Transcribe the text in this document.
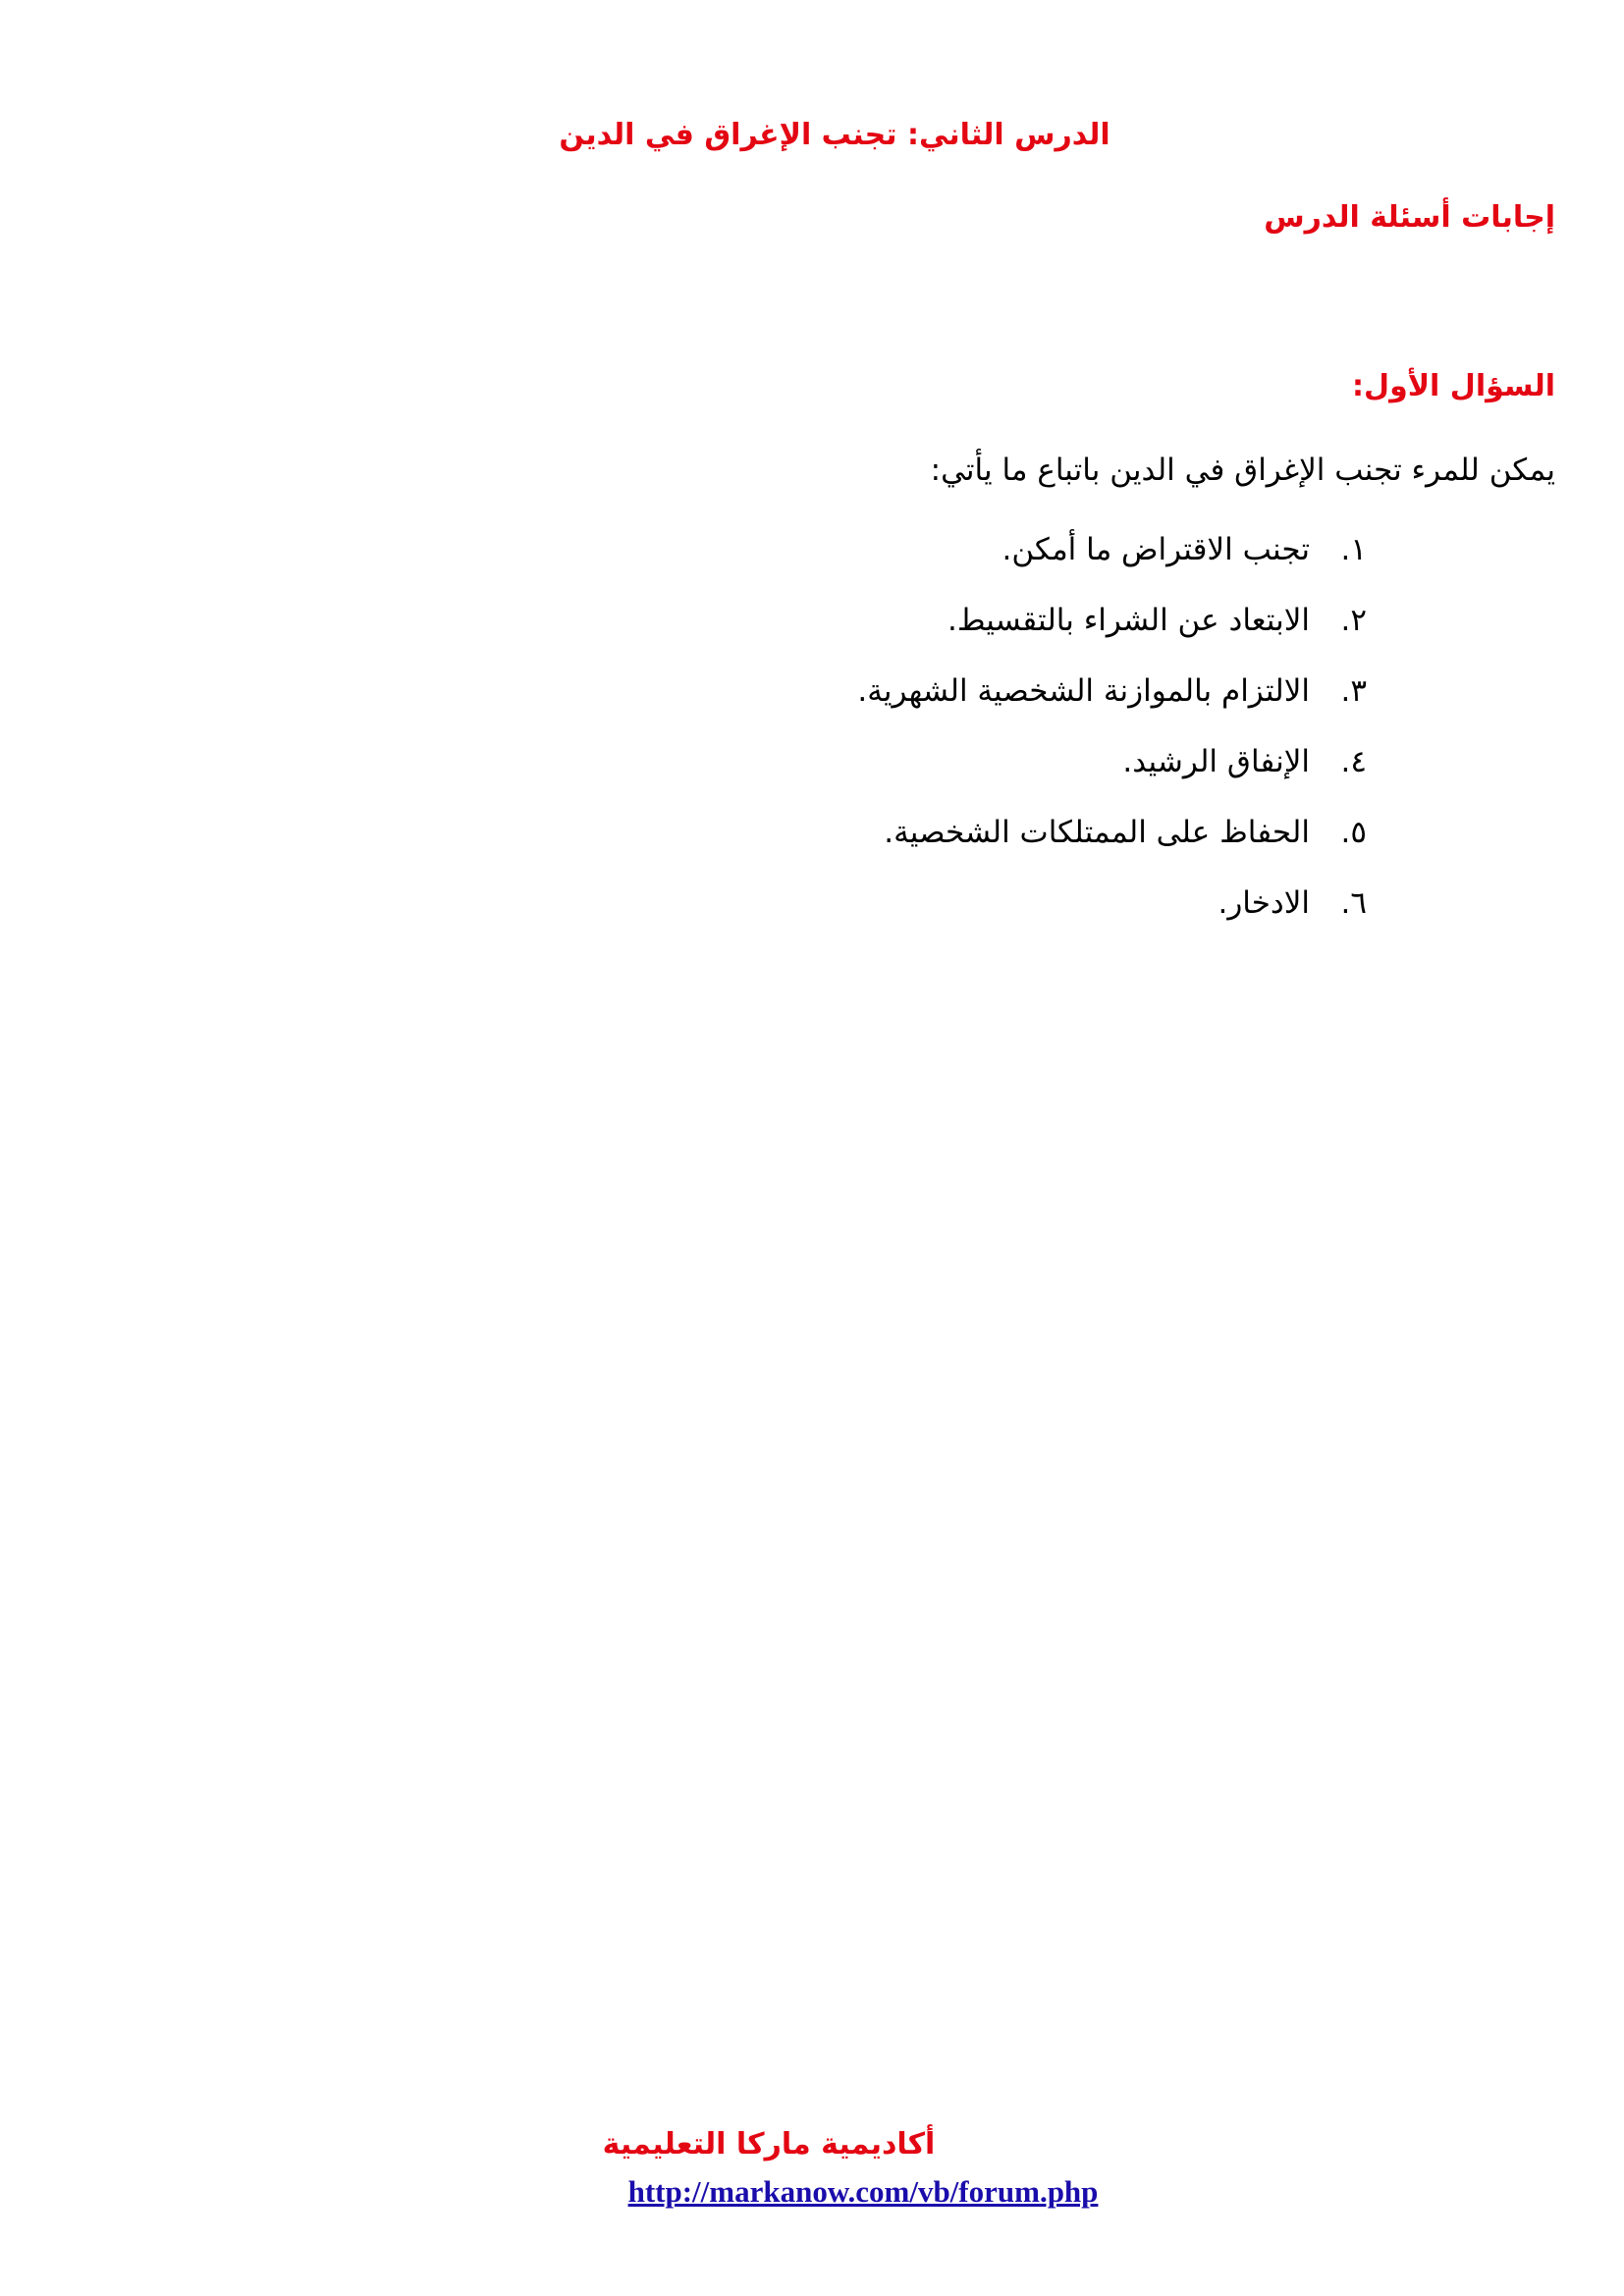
الدرس الثاني: تجنب الإغراق في الدين
إجابات أسئلة الدرس
السؤال الأول:
يمكن للمرء تجنب الإغراق في الدين باتباع ما يأتي:
١.
تجنب الاقتراض ما أمكن.
٢.
الابتعاد عن الشراء بالتقسيط.
٣.
الالتزام بالموازنة الشخصية الشهرية.
٤.
الإنفاق الرشيد.
٥.
الحفاظ على الممتلكات الشخصية.
٦.
الادخار.
أكاديمية ماركا التعليمية
http://markanow.com/vb/forum.php
